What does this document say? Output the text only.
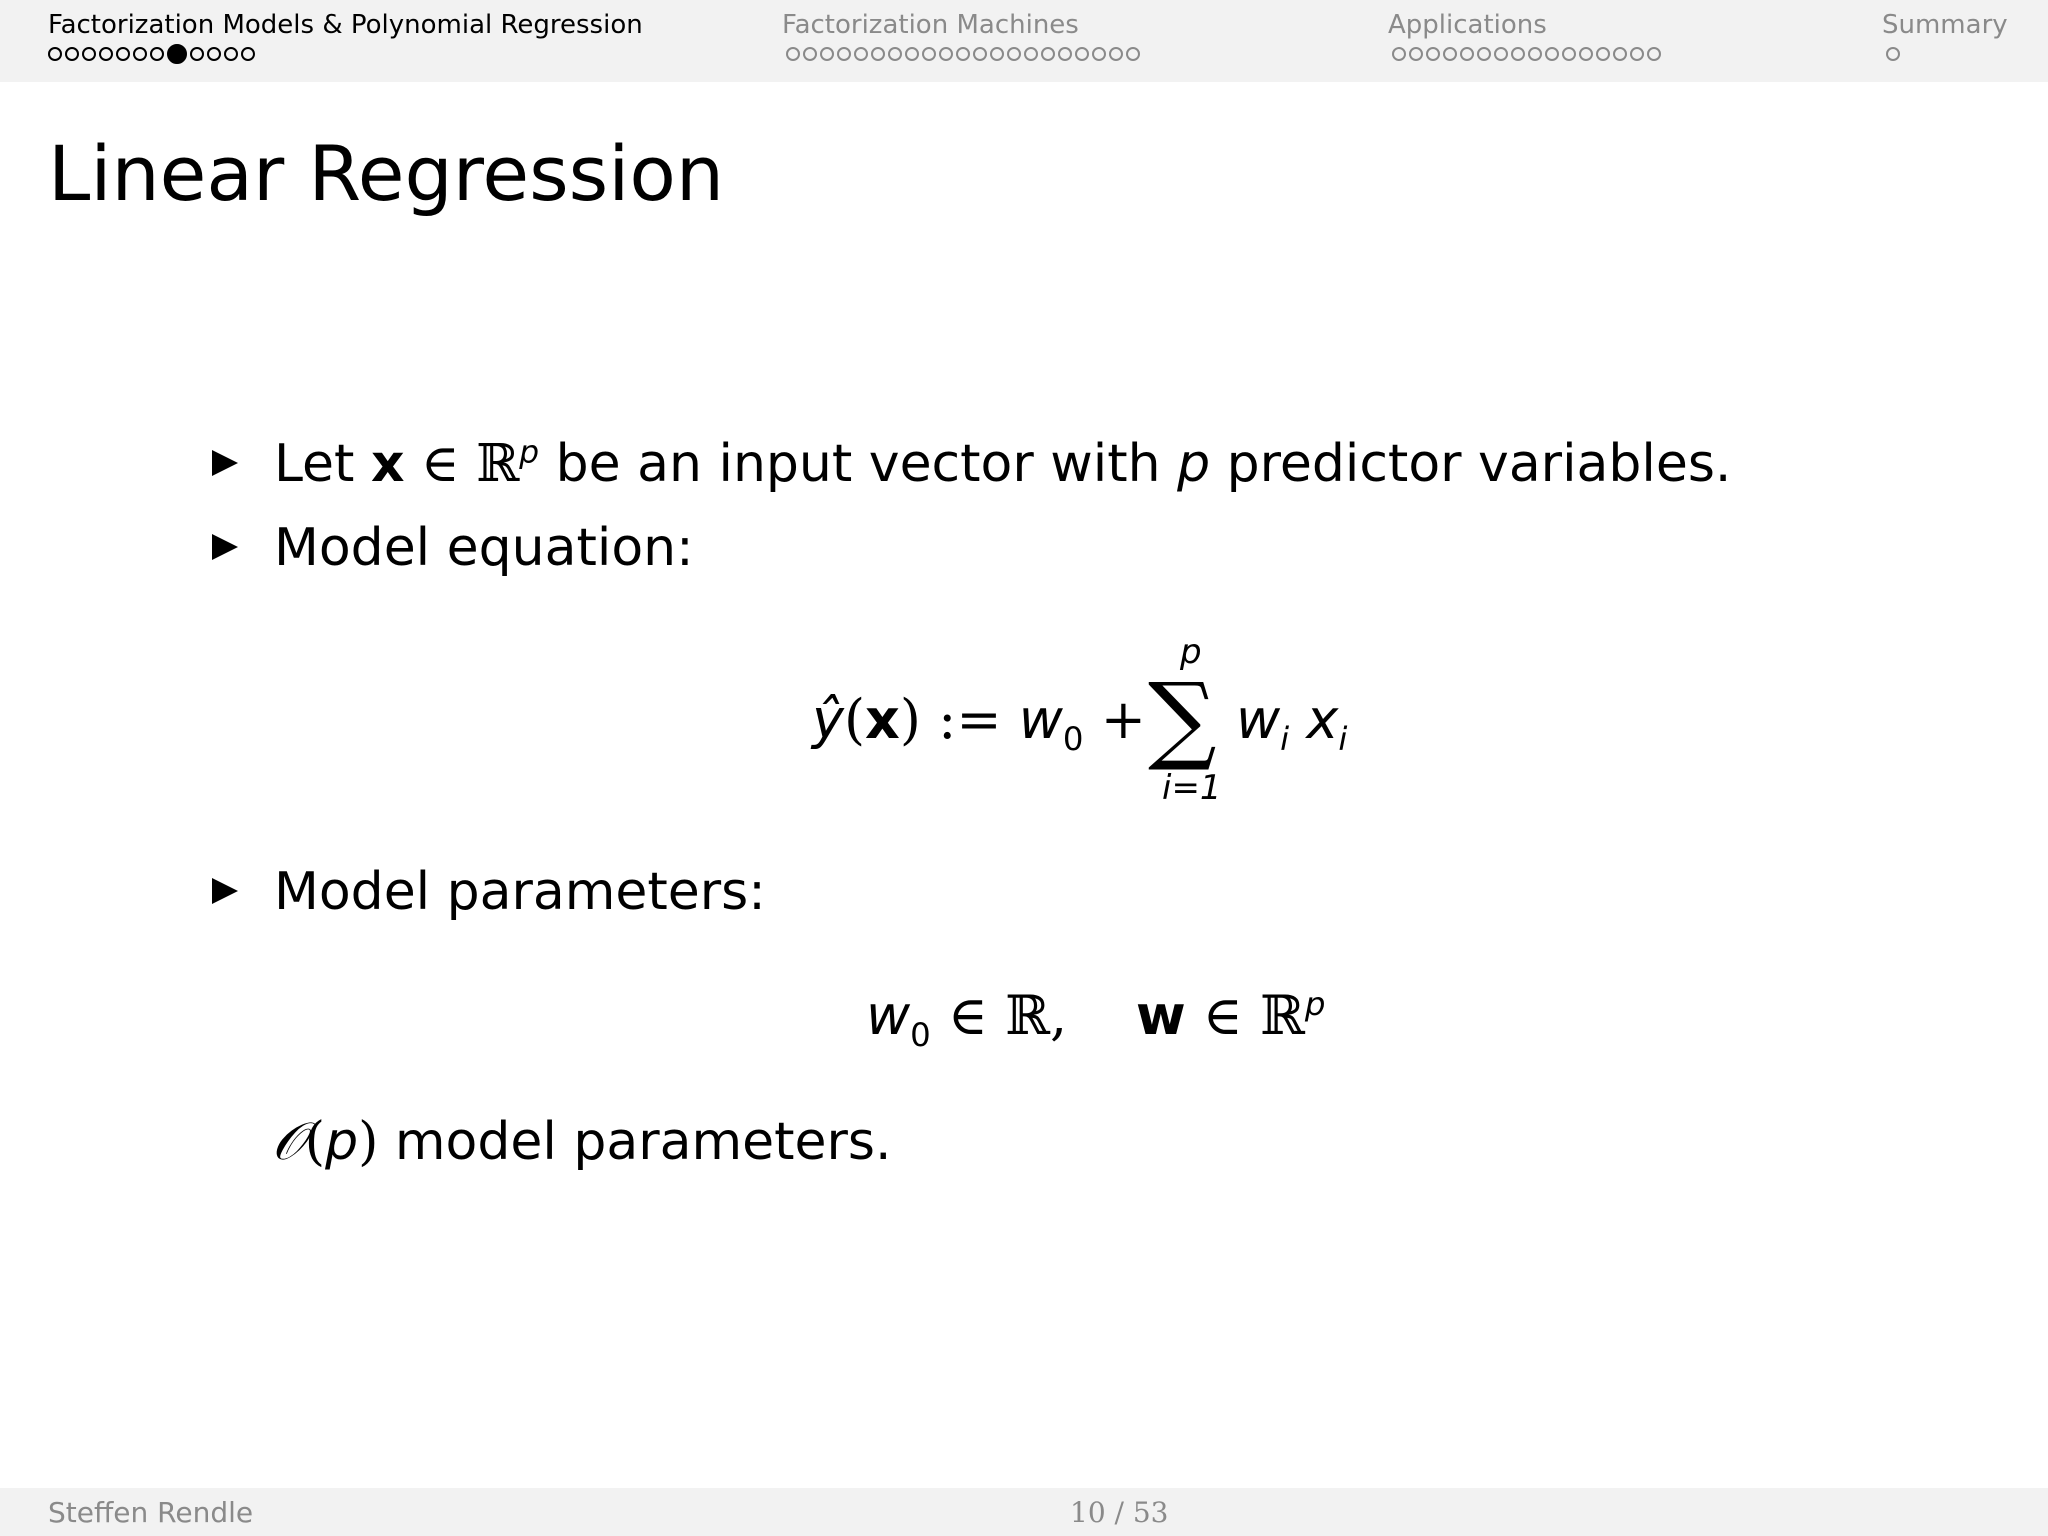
Factorization Models & Polynomial Regression	Factorization Machines	Applications	Summary
Linear Regression
Let x ∈ ℝ$^p$ be an input vector with p predictor variables.
Model equation:
ŷ(x) := $w_0$ +
p
∑
i=1
$w_i$ $x_i$
Model parameters:
$w_0$ ∈ ℝ, w ∈ ℝ$^p$
𝒪(p) model parameters.
Steffen Rendle	10 / 53
